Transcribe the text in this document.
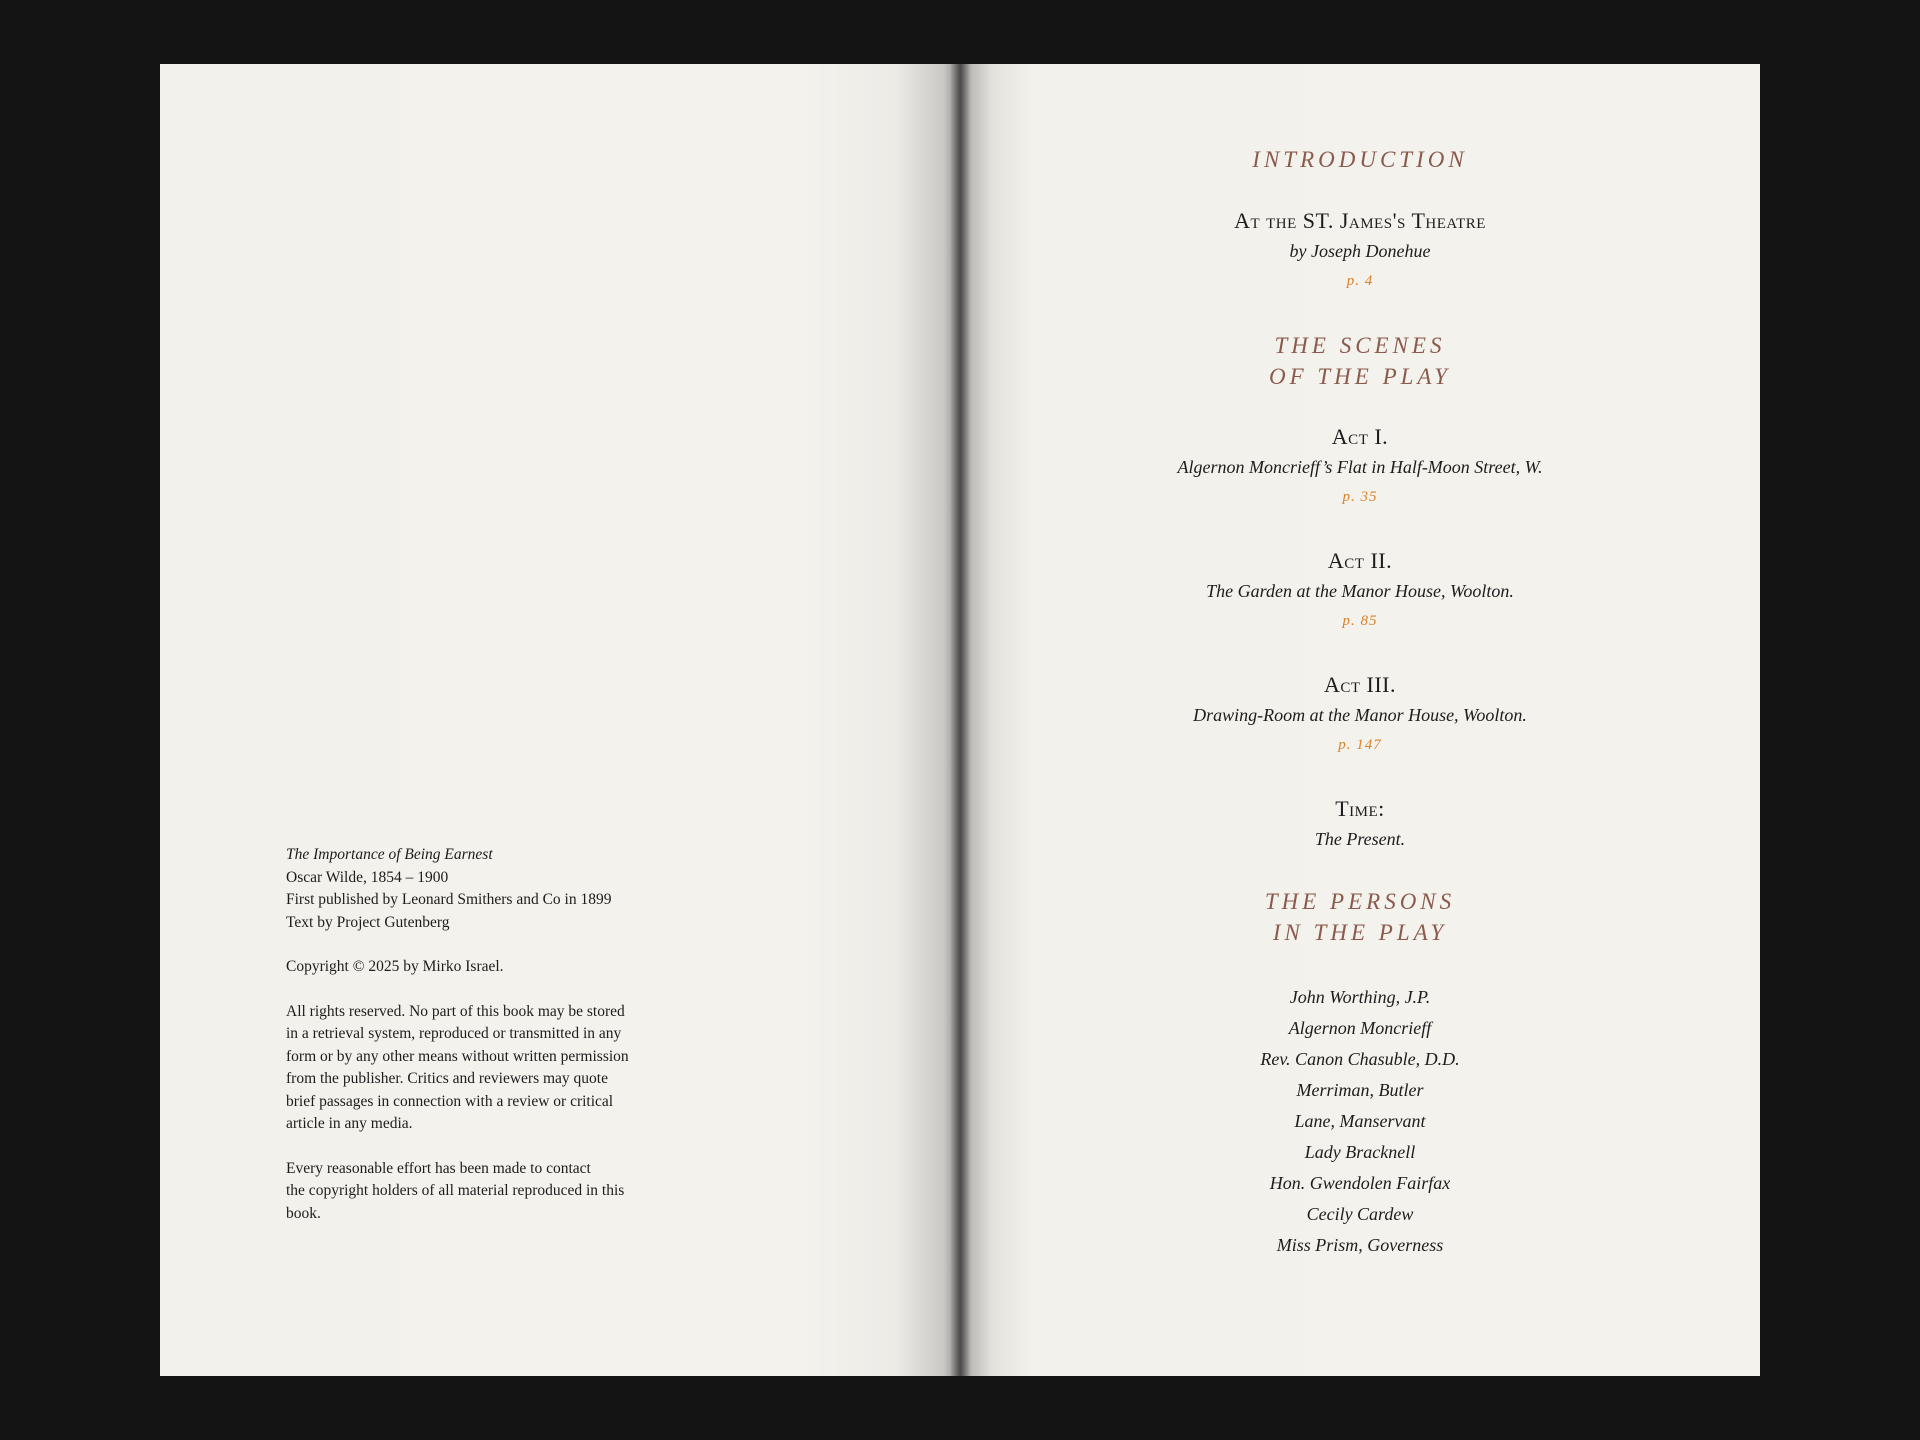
The Importance of Being Earnest

Oscar Wilde, 1854 – 1900

First published by Leonard Smithers and Co in 1899

Text by Project Gutenberg

Copyright © 2025 by Mirko Israel.

All rights reserved. No part of this book may be stored

in a retrieval system, reproduced or transmitted in any

form or by any other means without written permission

from the publisher. Critics and reviewers may quote

brief passages in connection with a review or critical

article in any media.

Every reasonable effort has been made to contact

the copyright holders of all material reproduced in this

book.

INTRODUCTION

At the ST. James's Theatre

by Joseph Donehue

p. 4

THE SCENES

OF THE PLAY

Act I.

Algernon Moncrieff’s Flat in Half-Moon Street, W.

p. 35

Act II.

The Garden at the Manor House, Woolton.

p. 85

Act III.

Drawing-Room at the Manor House, Woolton.

p. 147

Time:

The Present.

THE PERSONS

IN THE PLAY

John Worthing, J.P.
Algernon Moncrieff
Rev. Canon Chasuble, D.D.
Merriman, Butler
Lane, Manservant
Lady Bracknell
Hon. Gwendolen Fairfax
Cecily Cardew
Miss Prism, Governess
